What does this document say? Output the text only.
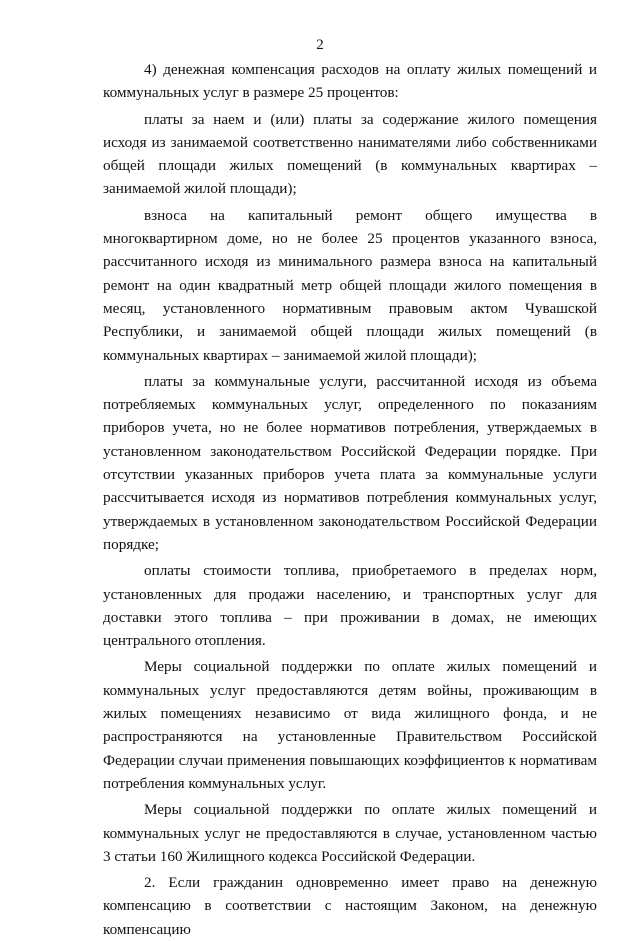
2

4) денежная компенсация расходов на оплату жилых помещений и коммунальных услуг в размере 25 процентов:

платы за наем и (или) платы за содержание жилого помещения исходя из занимаемой соответственно нанимателями либо собственниками общей площади жилых помещений (в коммунальных квартирах – занимаемой жилой площади);

взноса на капитальный ремонт общего имущества в многоквартирном доме, но не более 25 процентов указанного взноса, рассчитанного исходя из минимального размера взноса на капитальный ремонт на один квадратный метр общей площади жилого помещения в месяц, установленного нормативным правовым актом Чувашской Республики, и занимаемой общей площади жилых помещений (в коммунальных квартирах – занимаемой жилой площади);

платы за коммунальные услуги, рассчитанной исходя из объема потребляемых коммунальных услуг, определенного по показаниям приборов учета, но не более нормативов потребления, утверждаемых в установленном законодательством Российской Федерации порядке. При отсутствии указанных приборов учета плата за коммунальные услуги рассчитывается исходя из нормативов потребления коммунальных услуг, утверждаемых в установленном законодательством Российской Федерации порядке;

оплаты стоимости топлива, приобретаемого в пределах норм, установленных для продажи населению, и транспортных услуг для доставки этого топлива – при проживании в домах, не имеющих центрального отопления.

Меры социальной поддержки по оплате жилых помещений и коммунальных услуг предоставляются детям войны, проживающим в жилых помещениях независимо от вида жилищного фонда, и не распространяются на установленные Правительством Российской Федерации случаи применения повышающих коэффициентов к нормативам потребления коммунальных услуг.

Меры социальной поддержки по оплате жилых помещений и коммунальных услуг не предоставляются в случае, установленном частью 3 статьи 160 Жилищного кодекса Российской Федерации.

2. Если гражданин одновременно имеет право на денежную компенсацию в соответствии с настоящим Законом, на денежную компенсацию
